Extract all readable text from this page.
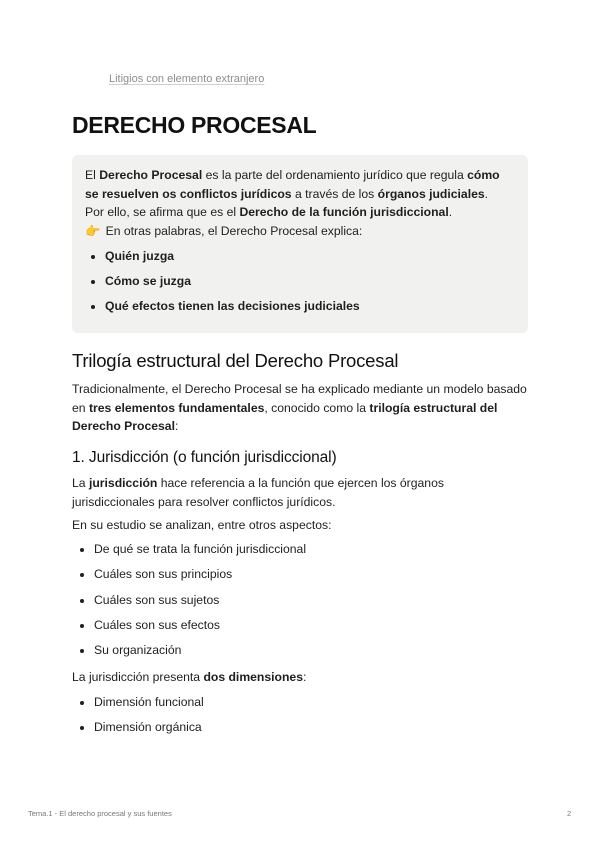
Litigios con elemento extranjero
DERECHO PROCESAL

El Derecho Procesal es la parte del ordenamiento jurídico que regula cómo se resuelven os conflictos jurídicos a través de los órganos judiciales.

Por ello, se afirma que es el Derecho de la función jurisdiccional.

👉 En otras palabras, el Derecho Procesal explica:

Quién juzga
Cómo se juzga
Qué efectos tienen las decisiones judiciales
Trilogía estructural del Derecho Procesal

Tradicionalmente, el Derecho Procesal se ha explicado mediante un modelo basado en tres elementos fundamentales, conocido como la trilogía estructural del Derecho Procesal:

1. Jurisdicción (o función jurisdiccional)

La jurisdicción hace referencia a la función que ejercen los órganos jurisdiccionales para resolver conflictos jurídicos.

En su estudio se analizan, entre otros aspectos:

De qué se trata la función jurisdiccional
Cuáles son sus principios
Cuáles son sus sujetos
Cuáles son sus efectos
Su organización

La jurisdicción presenta dos dimensiones:

Dimensión funcional
Dimensión orgánica
Tema.1 - El derecho procesal y sus fuentes	2
